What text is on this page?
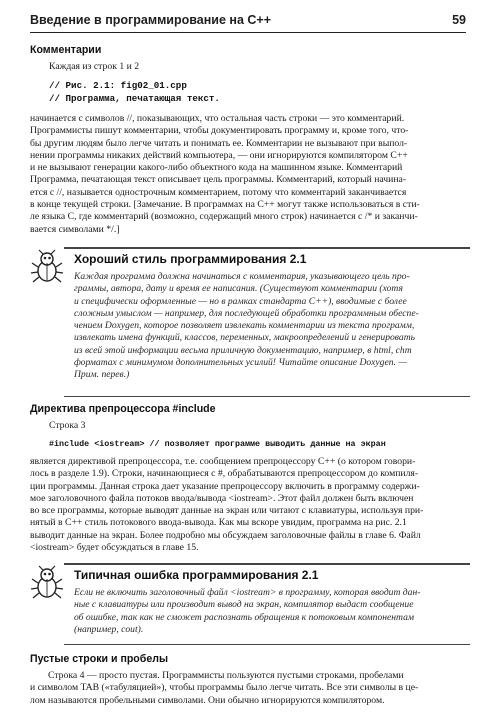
Введение в программирование на C++	59
Комментарии
Каждая из строк 1 и 2
// Рис. 2.1: fig02_01.cpp
// Программа, печатающая текст.
начинается с символов //, показывающих, что остальная часть строки — это комментарий.
Программисты пишут комментарии, чтобы документировать программу и, кроме того, что-
бы другим людям было легче читать и понимать ее. Комментарии не вызывают при выпол-
нении программы никаких действий компьютера, — они игнорируются компилятором C++
и не вызывают генерации какого-либо объектного кода на машинном языке. Комментарий
Программа, печатающая текст описывает цель программы. Комментарий, который начина-
ется с //, называется однострочным комментарием, потому что комментарий заканчивается
в конце текущей строки. [Замечание. В программах на C++ могут также использоваться в сти-
ле языка C, где комментарий (возможно, содержащий много строк) начинается с /* и заканчи-
вается символами */.]
Хороший стиль программирования 2.1
Каждая программа должна начинаться с комментария, указывающего цель про-
граммы, автора, дату и время ее написания. (Существуют комментарии (хотя
и специфически оформленные — но в рамках стандарта C++), вводимые с более
сложным умыслом — например, для последующей обработки программным обеспе-
чением Doxygen, которое позволяет извлекать комментарии из текста программ,
извлекать имена функций, классов, переменных, макроопределений и генерировать
из всей этой информации весьма приличную документацию, например, в html, chm
форматах с минимумом дополнительных усилий! Читайте описание Doxygen. —
Прим. перев.)
Директива препроцессора #include
Строка 3
#include <iostream> // позволяет программе выводить данные на экран
является директивой препроцессора, т.е. сообщением препроцессору C++ (о котором говори-
лось в разделе 1.9). Строки, начинающиеся с #, обрабатываются препроцессором до компиля-
ции программы. Данная строка дает указание препроцессору включить в программу содержи-
мое заголовочного файла потоков ввода/вывода <iostream>. Этот файл должен быть включен
во все программы, которые выводят данные на экран или читают с клавиатуры, используя при-
нятый в C++ стиль потокового ввода-вывода. Как мы вскоре увидим, программа на рис. 2.1
выводит данные на экран. Более подробно мы обсуждаем заголовочные файлы в главе 6. Файл
<iostream> будет обсуждаться в главе 15.
Типичная ошибка программирования 2.1
Если не включить заголовочный файл <iostream> в программу, которая вводит дан-
ные с клавиатуры или производит вывод на экран, компилятор выдаст сообщение
об ошибке, так как не сможет распознать обращения к потоковым компонентам
(например, cout).
Пустые строки и пробелы
Строка 4 — просто пустая. Программисты пользуются пустыми строками, пробелами
и символом TAB («табуляцией»), чтобы программы было легче читать. Все эти символы в це-
лом называются пробельными символами. Они обычно игнорируются компилятором.
